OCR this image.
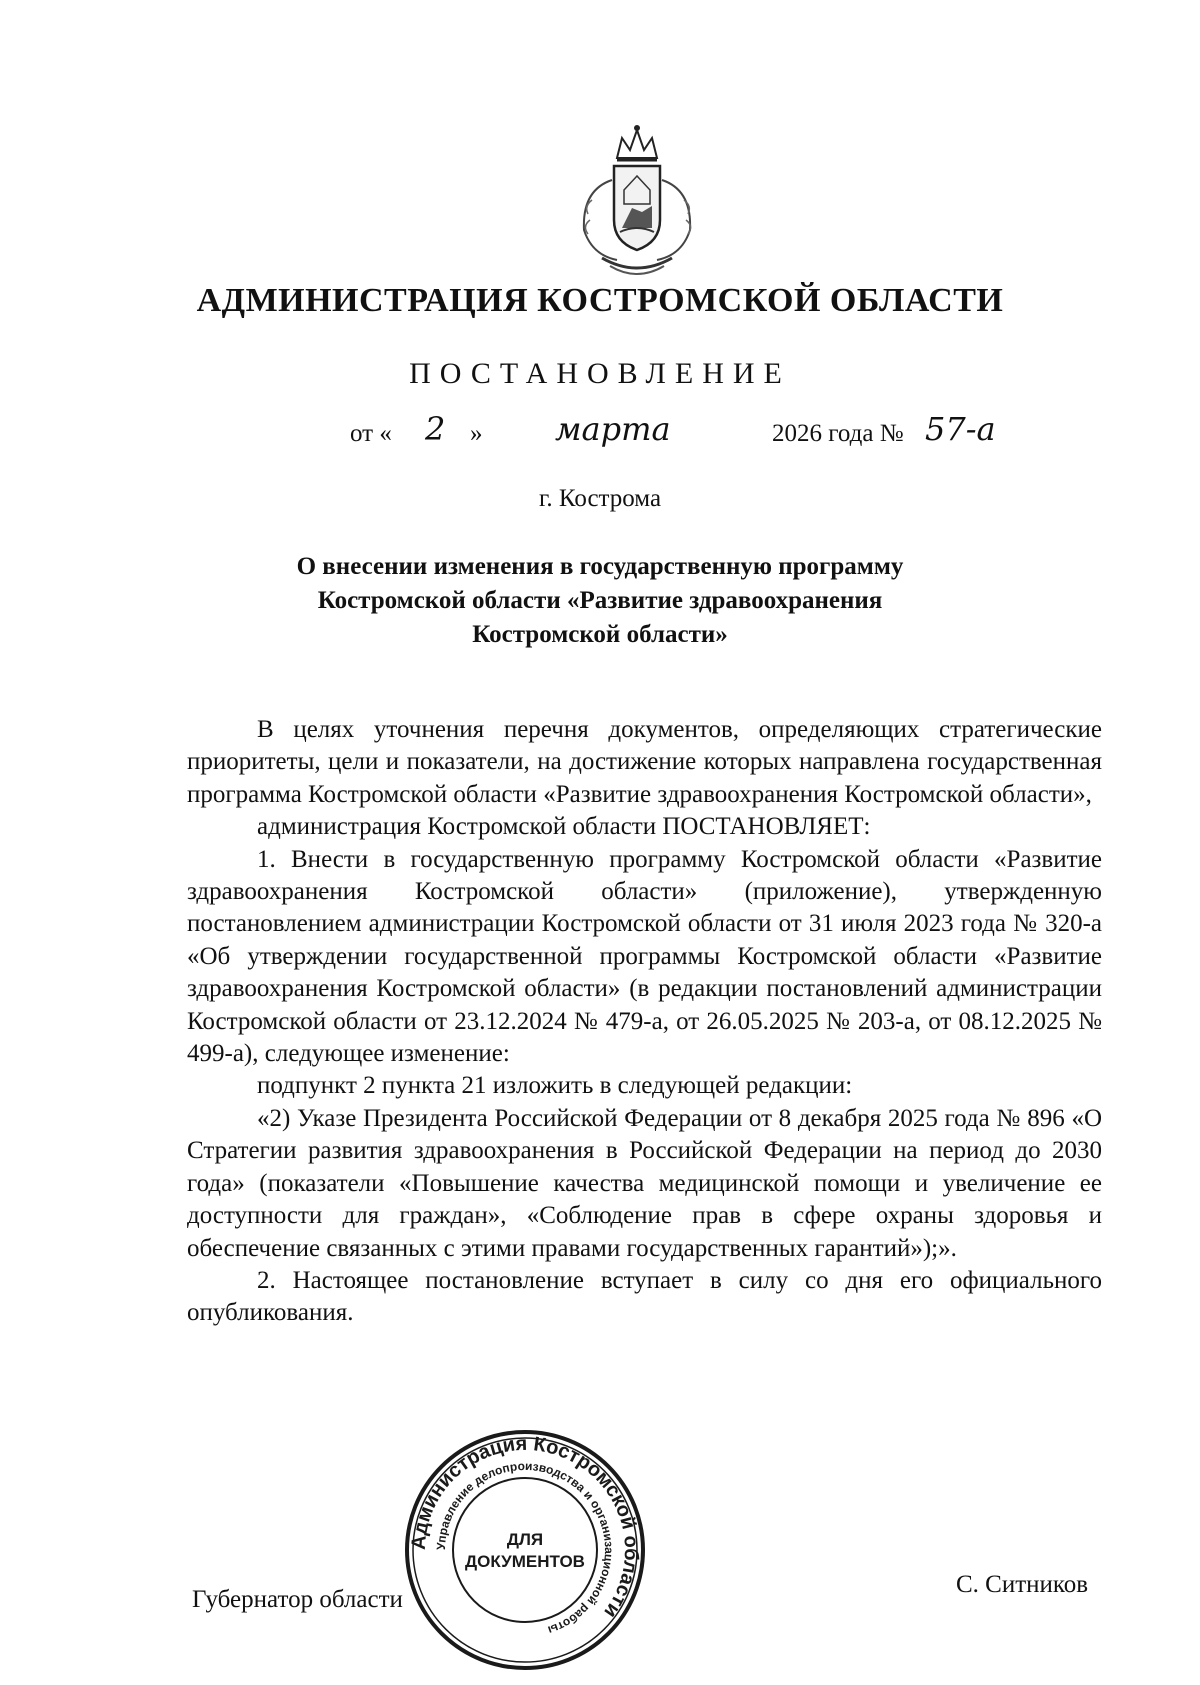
АДМИНИСТРАЦИЯ КОСТРОМСКОЙ ОБЛАСТИ
ПОСТАНОВЛЕНИЕ
от « 2 » марта	2026 года № 57-а
г. Кострома
О внесении изменения в государственную программу
Костромской области «Развитие здравоохранения
Костромской области»

В целях уточнения перечня документов, определяющих стратегические приоритеты, цели и показатели, на достижение которых направлена государственная программа Костромской области «Развитие здравоохранения Костромской области»,

администрация Костромской области ПОСТАНОВЛЯЕТ:

1. Внести в государственную программу Костромской области «Развитие здравоохранения Костромской области» (приложение), утвержденную постановлением администрации Костромской области от 31 июля 2023 года № 320-а «Об утверждении государственной программы Костромской области «Развитие здравоохранения Костромской области» (в редакции постановлений администрации Костромской области от 23.12.2024 № 479-а, от 26.05.2025 № 203-а, от 08.12.2025 № 499-а), следующее изменение:

подпункт 2 пункта 21 изложить в следующей редакции:

«2) Указе Президента Российской Федерации от 8 декабря 2025 года № 896 «О Стратегии развития здравоохранения в Российской Федерации на период до 2030 года» (показатели «Повышение качества медицинской помощи и увеличение ее доступности для граждан», «Соблюдение прав в сфере охраны здоровья и обеспечение связанных с этими правами государственных гарантий»);».

2. Настоящее постановление вступает в силу со дня его официального опубликования.

Губернатор области
С. Ситников
Администрация Костромской области
Управление делопроизводства и организационной работы
ДЛЯ
ДОКУМЕНТОВ
